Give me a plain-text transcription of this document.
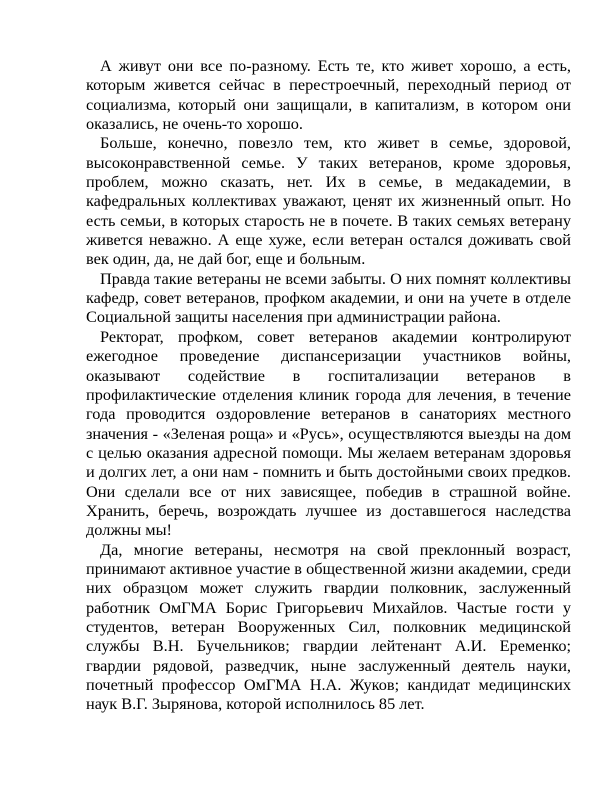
А живут они все по-разному. Есть те, кто живет хорошо, а есть, которым живется сейчас в перестроечный, переходный период от социализма, который они защищали, в капитализм, в котором они оказались, не очень-то хорошо.

Больше, конечно, повезло тем, кто живет в семье, здоровой, высоконравственной семье. У таких ветеранов, кроме здоровья, проблем, можно сказать, нет. Их в семье, в медакадемии, в кафедральных коллективах уважают, ценят их жизненный опыт. Но есть семьи, в которых старость не в почете. В таких семьях ветерану живется неважно. А еще хуже, если ветеран остался доживать свой век один, да, не дай бог, еще и больным.

Правда такие ветераны не всеми забыты. О них помнят коллективы кафедр, совет ветеранов, профком академии, и они на учете в отделе Социальной защиты населения при администрации района.

Ректорат, профком, совет ветеранов академии контролируют ежегодное проведение диспансеризации участников войны, оказывают содействие в госпитализации ветеранов в профилактические отделения клиник города для лечения, в течение года проводится оздоровление ветеранов в санаториях местного значения - «Зеленая роща» и «Русь», осуществляются выезды на дом с целью оказания адресной помощи. Мы желаем ветеранам здоровья и долгих лет, а они нам - помнить и быть достойными своих предков. Они сделали все от них зависящее, победив в страшной войне. Хранить, беречь, возрождать лучшее из доставшегося наследства должны мы!

Да, многие ветераны, несмотря на свой преклонный возраст, принимают активное участие в общественной жизни академии, среди них образцом может служить гвардии полковник, заслуженный работник ОмГМА Борис Григорьевич Михайлов. Частые гости у студентов, ветеран Вооруженных Сил, полковник медицинской службы В.Н. Бучельников; гвардии лейтенант А.И. Еременко; гвардии рядовой, разведчик, ныне заслуженный деятель науки, почетный профессор ОмГМА Н.А. Жуков; кандидат медицинских наук В.Г. Зырянова, которой исполнилось 85 лет.
